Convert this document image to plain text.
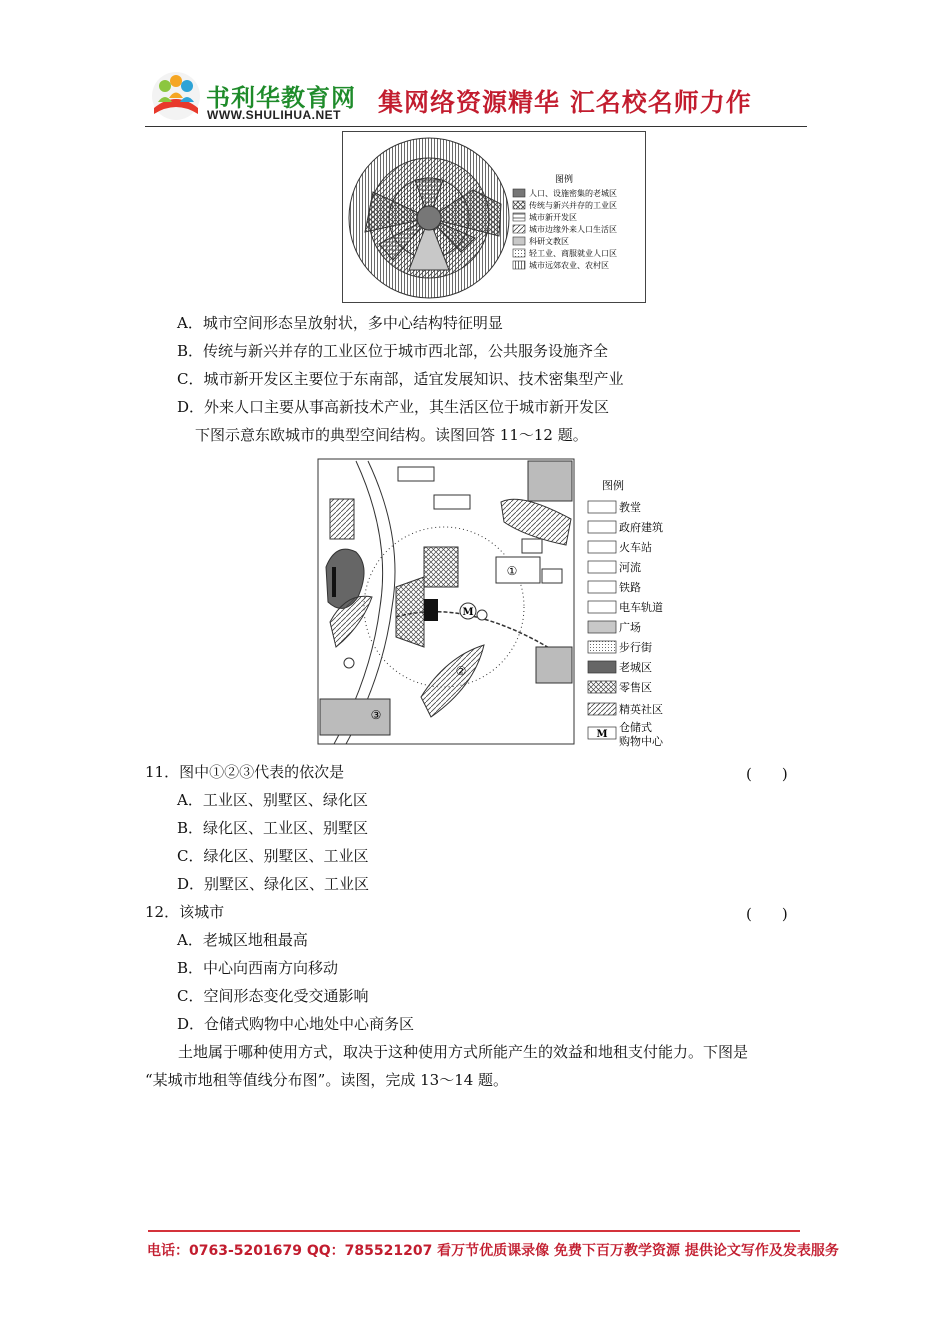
书利华教育网
WWW.SHULIHUA.NET 集网络资源精华 汇名校名师力作
图例
人口、设施密集的老城区
传统与新兴并存的工业区
城市新开发区
城市边缘外来人口生活区
科研文教区
轻工业、商服就业人口区
城市远郊农业、农村区
A．城市空间形态呈放射状，多中心结构特征明显
B．传统与新兴并存的工业区位于城市西北部，公共服务设施齐全
C．城市新开发区主要位于东南部，适宜发展知识、技术密集型产业
D．外来人口主要从事高新技术产业，其生活区位于城市新开发区
下图示意东欧城市的典型空间结构。读图回答 11～12 题。
①
②
③
M
图例
M
教堂
政府建筑
火车站
河流
铁路
电车轨道
广场
步行街
老城区
零售区
精英社区
仓储式
购物中心
11．图中①②③代表的依次是	(　　)
A．工业区、别墅区、绿化区
B．绿化区、工业区、别墅区
C．绿化区、别墅区、工业区
D．别墅区、绿化区、工业区
12．该城市	(　　)
A．老城区地租最高
B．中心向西南方向移动
C．空间形态变化受交通影响
D．仓储式购物中心地处中心商务区
土地属于哪种使用方式，取决于这种使用方式所能产生的效益和地租支付能力。下图是
“某城市地租等值线分布图”。读图，完成 13～14 题。
电话：0763-5201679 QQ：785521207 看万节优质课录像 免费下百万教学资源 提供论文写作及发表服务
